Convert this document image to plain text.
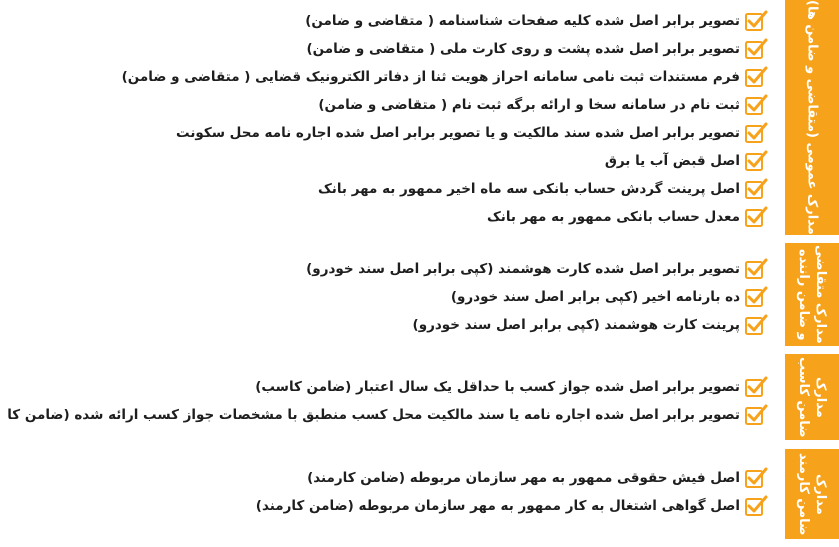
مدارک عمومی (متقاضی و ضامن ها)
تصویر برابر اصل شده کلیه صفحات شناسنامه ( متقاضی و ضامن)
تصویر برابر اصل شده پشت و روی کارت ملی ( متقاضی و ضامن)
فرم مستندات ثبت نامی سامانه احراز هویت ثنا از دفاتر الکترونیک قضایی ( متقاضی و ضامن)
ثبت نام در سامانه سخا و ارائه برگه ثبت نام ( متقاضی و ضامن)
تصویر برابر اصل شده سند مالکیت و یا تصویر برابر اصل شده اجاره نامه محل سکونت
اصل قبض آب یا برق
اصل پرینت گردش حساب بانکی سه ماه اخیر ممهور به مهر بانک
معدل حساب بانکی ممهور به مهر بانک
مدارک متقاضی
و ضامن راننده
تصویر برابر اصل شده کارت هوشمند (کپی برابر اصل سند خودرو)
ده بارنامه اخیر (کپی برابر اصل سند خودرو)
پرینت کارت هوشمند (کپی برابر اصل سند خودرو)
مدارک
ضامن کاسب
تصویر برابر اصل شده جواز کسب با حداقل یک سال اعتبار (ضامن کاسب)
تصویر برابر اصل شده اجاره نامه یا سند مالکیت محل کسب منطبق با مشخصات جواز کسب ارائه شده (ضامن کا
مدارک
ضامن کارمند
اصل فیش حقوقی ممهور به مهر سازمان مربوطه (ضامن کارمند)
اصل گواهی اشتغال به کار ممهور به مهر سازمان مربوطه (ضامن کارمند)
